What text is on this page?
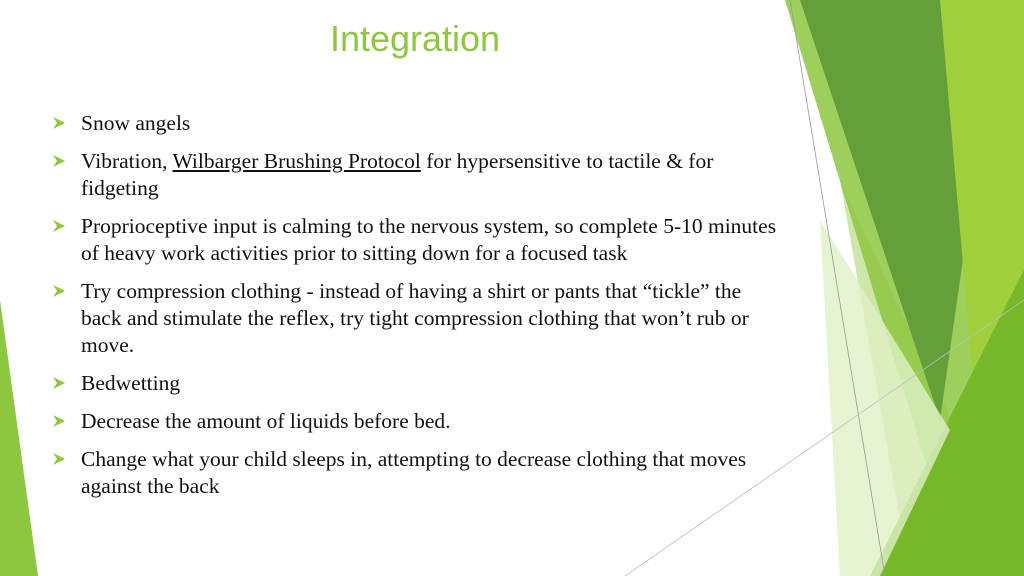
Integration
Snow angels
Vibration, Wilbarger Brushing Protocol for hypersensitive to tactile & for fidgeting
Proprioceptive input is calming to the nervous system, so complete 5-10 minutes of heavy work activities prior to sitting down for a focused task
Try compression clothing - instead of having a shirt or pants that “tickle” the back and stimulate the reflex, try tight compression clothing that won’t rub or move.
Bedwetting
Decrease the amount of liquids before bed.
Change what your child sleeps in, attempting to decrease clothing that moves against the back
